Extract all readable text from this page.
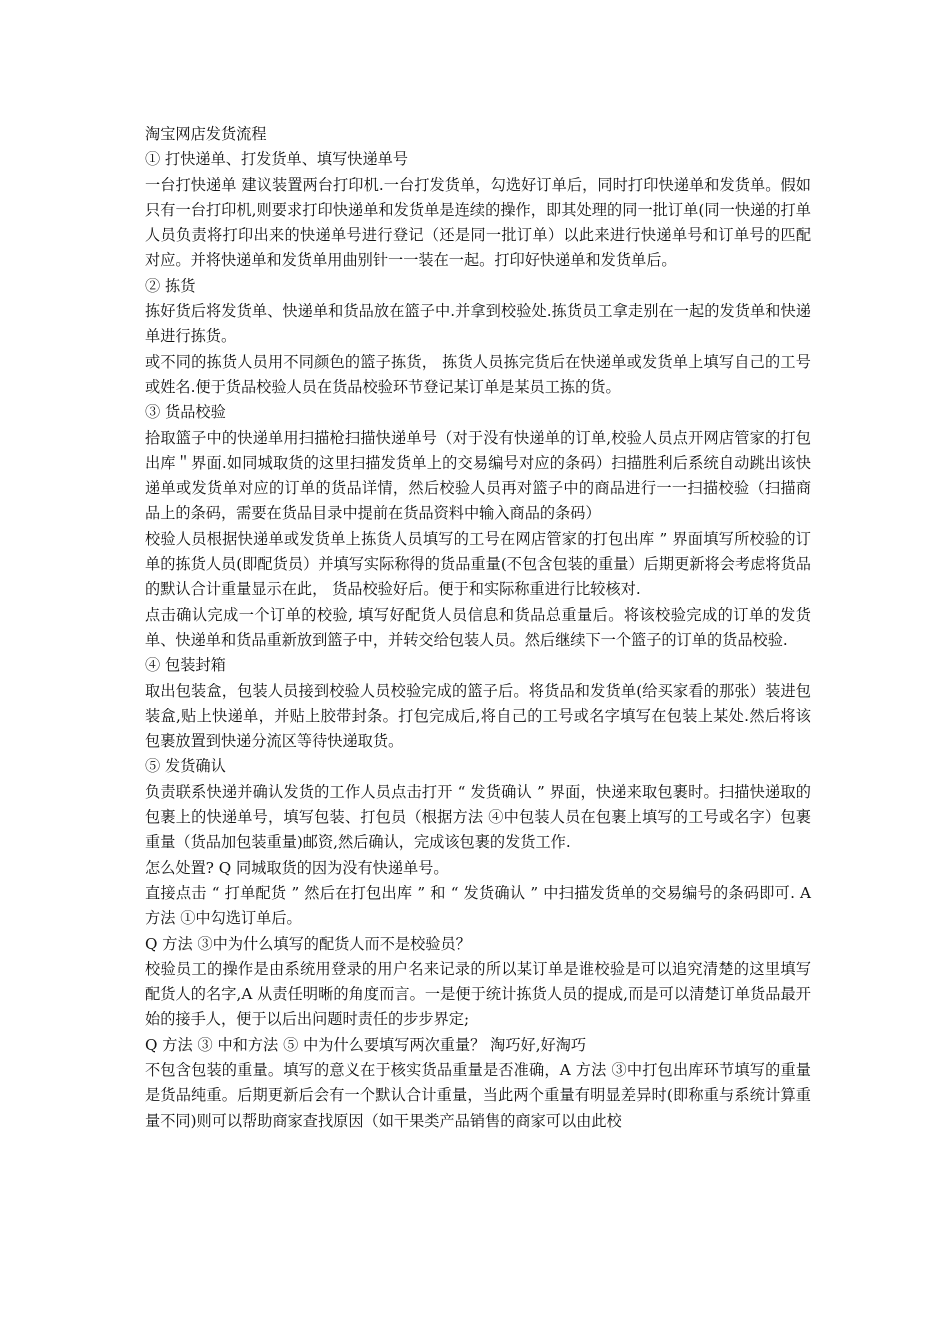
淘宝网店发货流程

① 打快递单、打发货单、填写快递单号

一台打快递单 建议装置两台打印机.一台打发货单，勾选好订单后，同时打印快递单和发货单。假如只有一台打印机,则要求打印快递单和发货单是连续的操作，即其处理的同一批订单(同一快递的打单人员负责将打印出来的快递单号进行登记（还是同一批订单）以此来进行快递单号和订单号的匹配对应。并将快递单和发货单用曲别针一一装在一起。打印好快递单和发货单后。

② 拣货

拣好货后将发货单、快递单和货品放在篮子中.并拿到校验处.拣货员工拿走别在一起的发货单和快递单进行拣货。

或不同的拣货人员用不同颜色的篮子拣货， 拣货人员拣完货后在快递单或发货单上填写自己的工号或姓名.便于货品校验人员在货品校验环节登记某订单是某员工拣的货。

③ 货品校验

拾取篮子中的快递单用扫描枪扫描快递单号（对于没有快递单的订单,校验人员点开网店管家的打包出库＂界面.如同城取货的这里扫描发货单上的交易编号对应的条码）扫描胜利后系统自动跳出该快递单或发货单对应的订单的货品详情，然后校验人员再对篮子中的商品进行一一扫描校验（扫描商品上的条码，需要在货品目录中提前在货品资料中输入商品的条码）

校验人员根据快递单或发货单上拣货人员填写的工号在网店管家的打包出库 ” 界面填写所校验的订单的拣货人员(即配货员）并填写实际称得的货品重量(不包含包装的重量）后期更新将会考虑将货品的默认合计重量显示在此， 货品校验好后。便于和实际称重进行比较核对.

点击确认完成一个订单的校验, 填写好配货人员信息和货品总重量后。将该校验完成的订单的发货单、快递单和货品重新放到篮子中，并转交给包装人员。然后继续下一个篮子的订单的货品校验.

④ 包装封箱

取出包装盒，包装人员接到校验人员校验完成的篮子后。将货品和发货单(给买家看的那张）装进包装盒,贴上快递单，并贴上胶带封条。打包完成后,将自己的工号或名字填写在包装上某处.然后将该包裹放置到快递分流区等待快递取货。

⑤ 发货确认

负责联系快递并确认发货的工作人员点击打开 “ 发货确认 ” 界面，快递来取包裹时。扫描快递取的包裹上的快递单号，填写包装、打包员（根据方法 ④中包装人员在包裹上填写的工号或名字）包裹重量（货品加包装重量)邮资,然后确认，完成该包裹的发货工作.

怎么处置? Q 同城取货的因为没有快递单号。

直接点击 “ 打单配货 ” 然后在打包出库 ” 和 “ 发货确认 ” 中扫描发货单的交易编号的条码即可. A 方法 ①中勾选订单后。

Q 方法 ③中为什么填写的配货人而不是校验员？

校验员工的操作是由系统用登录的用户名来记录的所以某订单是谁校验是可以追究清楚的这里填写配货人的名字,A 从责任明晰的角度而言。一是便于统计拣货人员的提成,而是可以清楚订单货品最开始的接手人，便于以后出问题时责任的步步界定;

Q 方法 ③ 中和方法 ⑤ 中为什么要填写两次重量？ 淘巧好,好淘巧

不包含包装的重量。填写的意义在于核实货品重量是否准确，A 方法 ③中打包出库环节填写的重量是货品纯重。后期更新后会有一个默认合计重量，当此两个重量有明显差异时(即称重与系统计算重量不同)则可以帮助商家查找原因（如干果类产品销售的商家可以由此校
